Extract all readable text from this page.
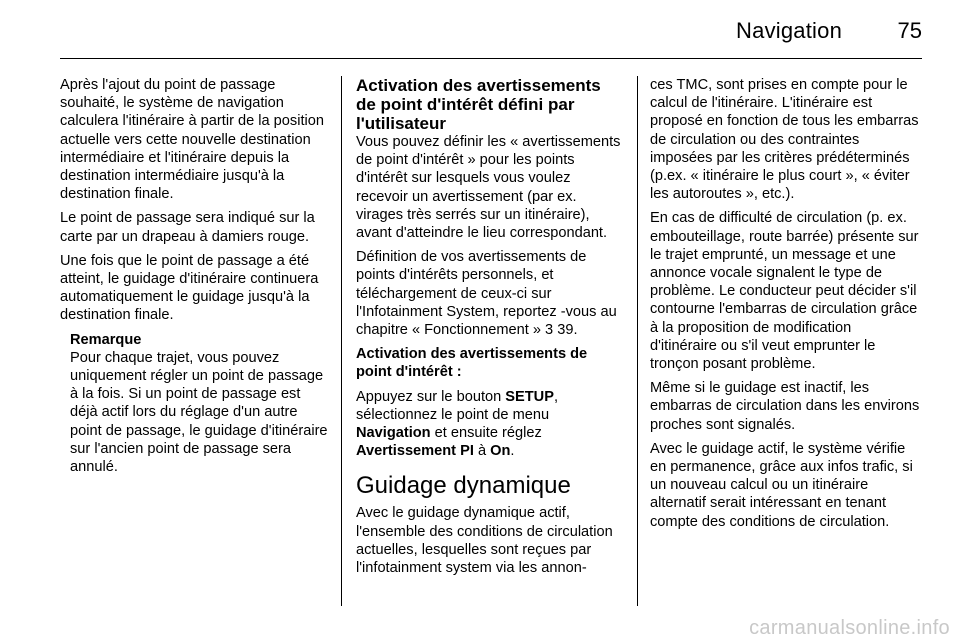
Navigation	75

Après l'ajout du point de passage souhaité, le système de navigation calculera l'itinéraire à partir de la position actuelle vers cette nouvelle destination intermédiaire et l'itinéraire depuis la destination intermédiaire jusqu'à la destination finale.

Le point de passage sera indiqué sur la carte par un drapeau à damiers rouge.

Une fois que le point de passage a été atteint, le guidage d'itinéraire continuera automatiquement le guidage jusqu'à la destination finale.

Remarque
Pour chaque trajet, vous pouvez uniquement régler un point de passage à la fois. Si un point de passage est déjà actif lors du réglage d'un autre point de passage, le guidage d'itinéraire sur l'ancien point de passage sera annulé.
Activation des avertissements de point d'intérêt défini par l'utilisateur

Vous pouvez définir les « avertissements de point d'intérêt » pour les points d'intérêt sur lesquels vous voulez recevoir un avertissement (par ex. virages très serrés sur un itinéraire), avant d'atteindre le lieu correspondant.

Définition de vos avertissements de points d'intérêts personnels, et téléchargement de ceux-ci sur l'Infotainment System, reportez -vous au chapitre « Fonctionnement » 3 39.

Activation des avertissements de point d'intérêt :

Appuyez sur le bouton SETUP, sélectionnez le point de menu Navigation et ensuite réglez Avertissement PI à On.

Guidage dynamique

Avec le guidage dynamique actif, l'ensemble des conditions de circulation actuelles, lesquelles sont reçues par l'infotainment system via les annon-

ces TMC, sont prises en compte pour le calcul de l'itinéraire. L'itinéraire est proposé en fonction de tous les embarras de circulation ou des contraintes imposées par les critères prédéterminés (p.ex. « itinéraire le plus court », « éviter les autoroutes », etc.).

En cas de difficulté de circulation (p. ex. embouteillage, route barrée) présente sur le trajet emprunté, un message et une annonce vocale signalent le type de problème. Le conducteur peut décider s'il contourne l'embarras de circulation grâce à la proposition de modification d'itinéraire ou s'il veut emprunter le tronçon posant problème.

Même si le guidage est inactif, les embarras de circulation dans les environs proches sont signalés.

Avec le guidage actif, le système vérifie en permanence, grâce aux infos trafic, si un nouveau calcul ou un itinéraire alternatif serait intéressant en tenant compte des conditions de circulation.

carmanualsonline.info
